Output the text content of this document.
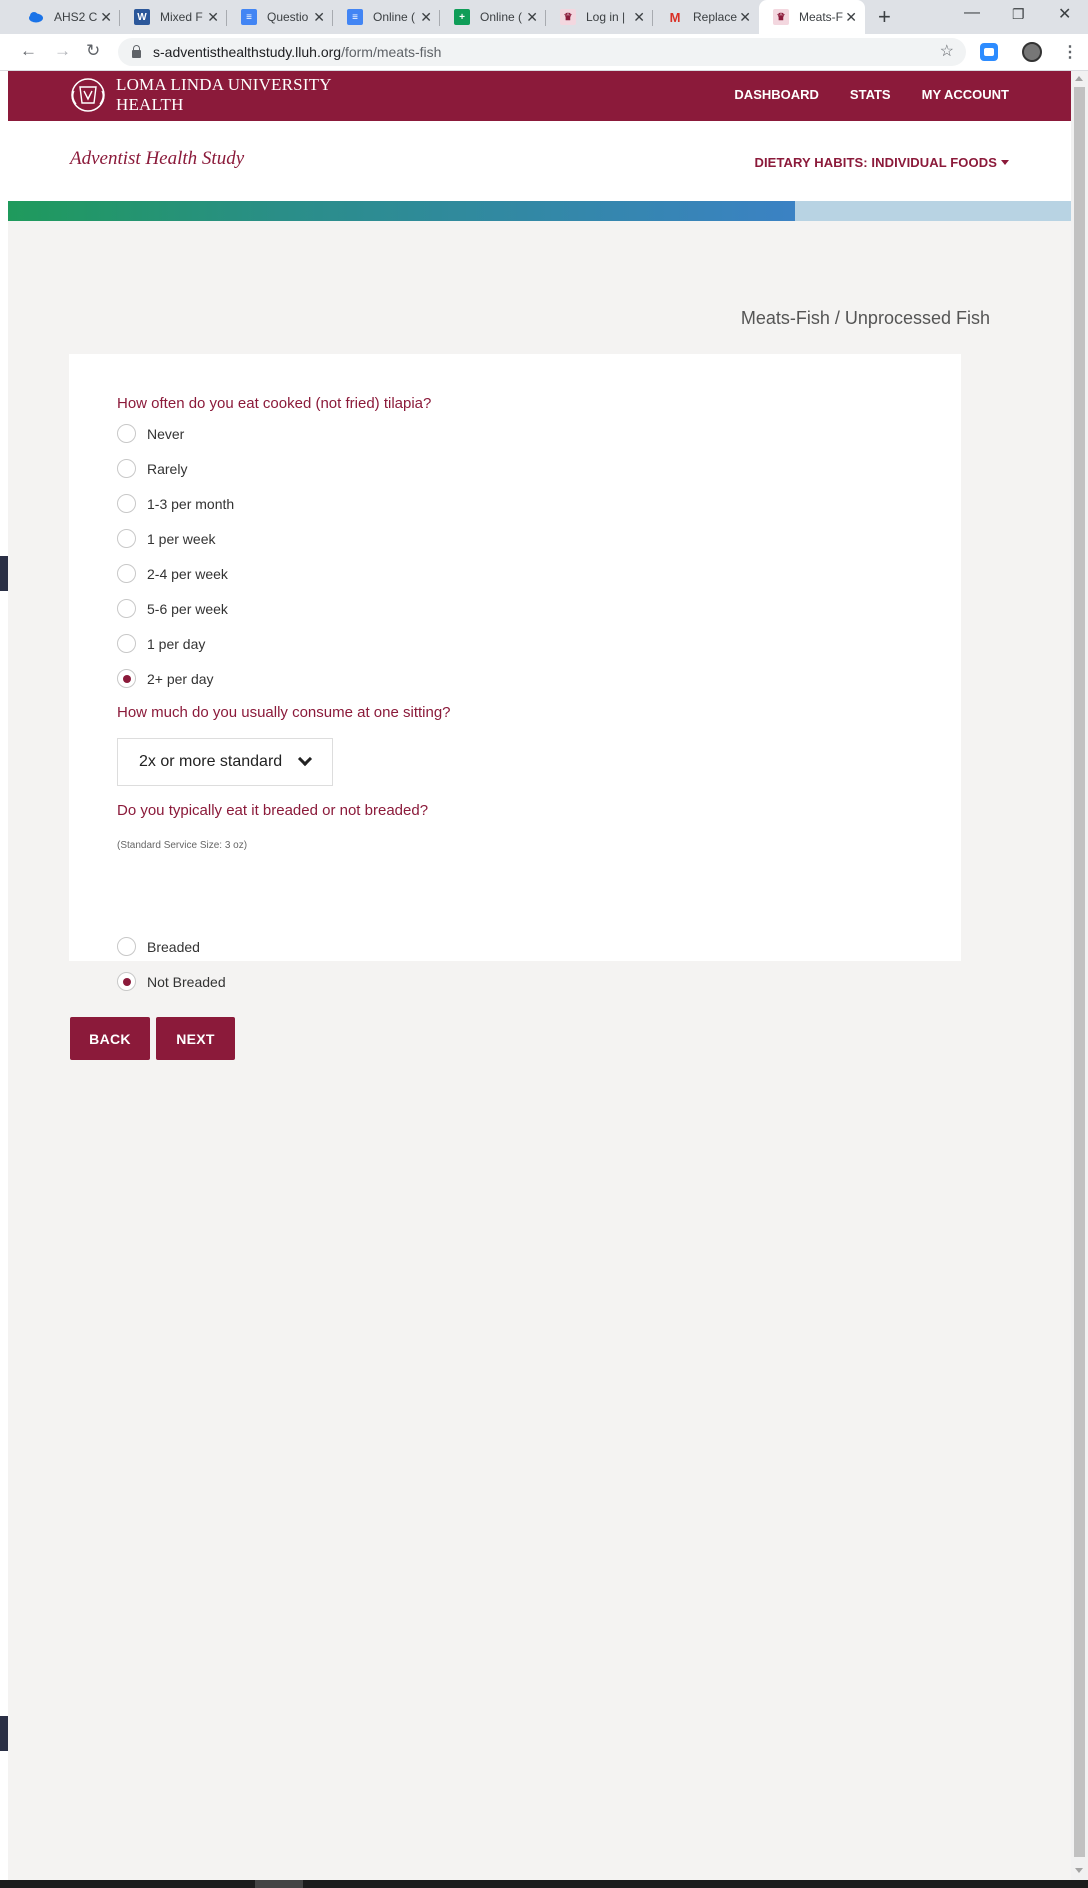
AHS2 C ✕	W Mixed F ✕	≡	Questio ✕	≡	Online ( ✕	+	Online ( ✕	♛ Log in | ✕ M Replace ✕	♛ Meats-F ✕ +	— ❐ ✕
← → ↻	s-adventisthealthstudy.lluh.org /form/meats-fish	☆	⋮
LOMA LINDA UNIVERSITY
HEALTH
DASHBOARD STATS MY ACCOUNT
Adventist Health Study	DIETARY HABITS: INDIVIDUAL FOODS
Meats-Fish / Unprocessed Fish
How often do you eat cooked (not fried) tilapia?
Never
Rarely
1-3 per month
1 per week
2-4 per week
5-6 per week
1 per day
2+ per day
How much do you usually consume at one sitting?
2x or more standard
Do you typically eat it breaded or not breaded?
(Standard Service Size: 3 oz)
Breaded
Not Breaded
BACK	NEXT
